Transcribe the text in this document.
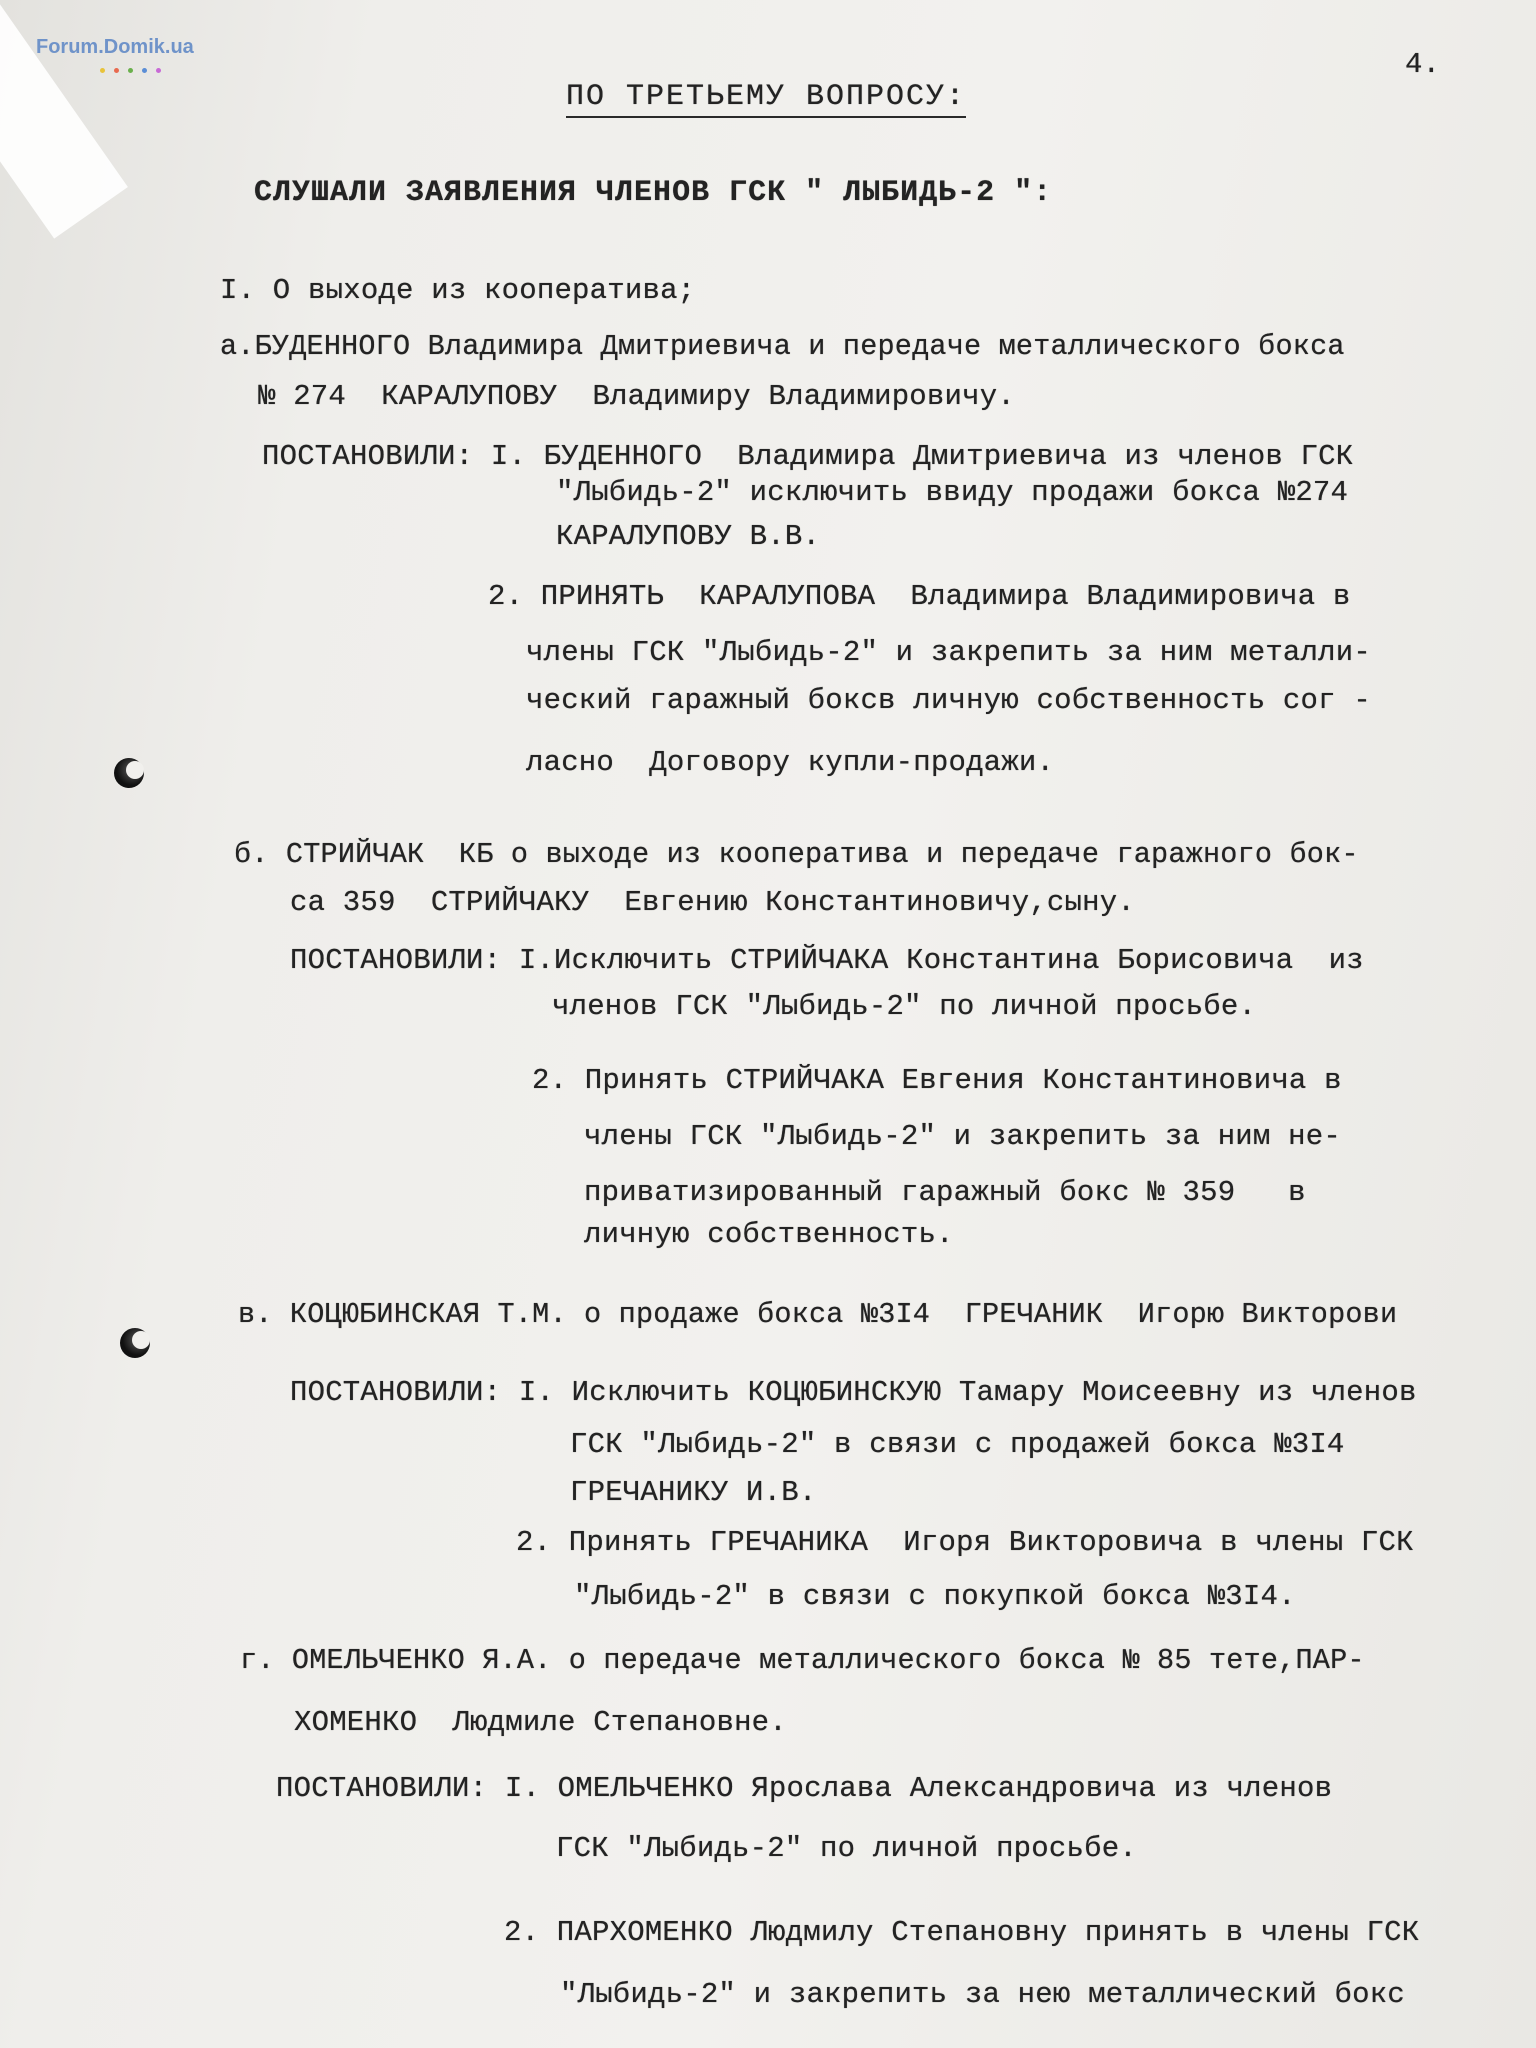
Forum.Domik.ua
4.
ПО ТРЕТЬЕМУ ВОПРОСУ:
СЛУШАЛИ ЗАЯВЛЕНИЯ ЧЛЕНОВ ГСК " ЛЫБИДЬ-2 ":
I. О выходе из кооператива;
а.БУДЕННОГО Владимира Дмитриевича и передаче металлического бокса
№ 274  КАРАЛУПОВУ  Владимиру Владимировичу.
ПОСТАНОВИЛИ: I. БУДЕННОГО  Владимира Дмитриевича из членов ГСК
"Лыбидь-2" исключить ввиду продажи бокса №274
КАРАЛУПОВУ В.В.
2. ПРИНЯТЬ  КАРАЛУПОВА  Владимира Владимировича в
члены ГСК "Лыбидь-2" и закрепить за ним металли-
ческий гаражный боксв личную собственность сог -
ласно  Договору купли-продажи.
б. СТРИЙЧАК  КБ о выходе из кооператива и передаче гаражного бок-
са 359  СТРИЙЧАКУ  Евгению Константиновичу,сыну.
ПОСТАНОВИЛИ: I.Исключить СТРИЙЧАКА Константина Борисовича  из
членов ГСК "Лыбидь-2" по личной просьбе.
2. Принять СТРИЙЧАКА Евгения Константиновича в
члены ГСК "Лыбидь-2" и закрепить за ним не-
приватизированный гаражный бокс № 359   в
личную собственность.
в. КОЦЮБИНСКАЯ Т.М. о продаже бокса №3I4  ГРЕЧАНИК  Игорю Викторови
ПОСТАНОВИЛИ: I. Исключить КОЦЮБИНСКУЮ Тамару Моисеевну из членов
ГСК "Лыбидь-2" в связи с продажей бокса №3I4
ГРЕЧАНИКУ И.В.
2. Принять ГРЕЧАНИКА  Игоря Викторовича в члены ГСК
"Лыбидь-2" в связи с покупкой бокса №3I4.
г. ОМЕЛЬЧЕНКО Я.А. о передаче металлического бокса № 85 тете,ПАР-
ХОМЕНКО  Людмиле Степановне.
ПОСТАНОВИЛИ: I. ОМЕЛЬЧЕНКО Ярослава Александровича из членов
ГСК "Лыбидь-2" по личной просьбе.
2. ПАРХОМЕНКО Людмилу Степановну принять в члены ГСК
"Лыбидь-2" и закрепить за нею металлический бокс
